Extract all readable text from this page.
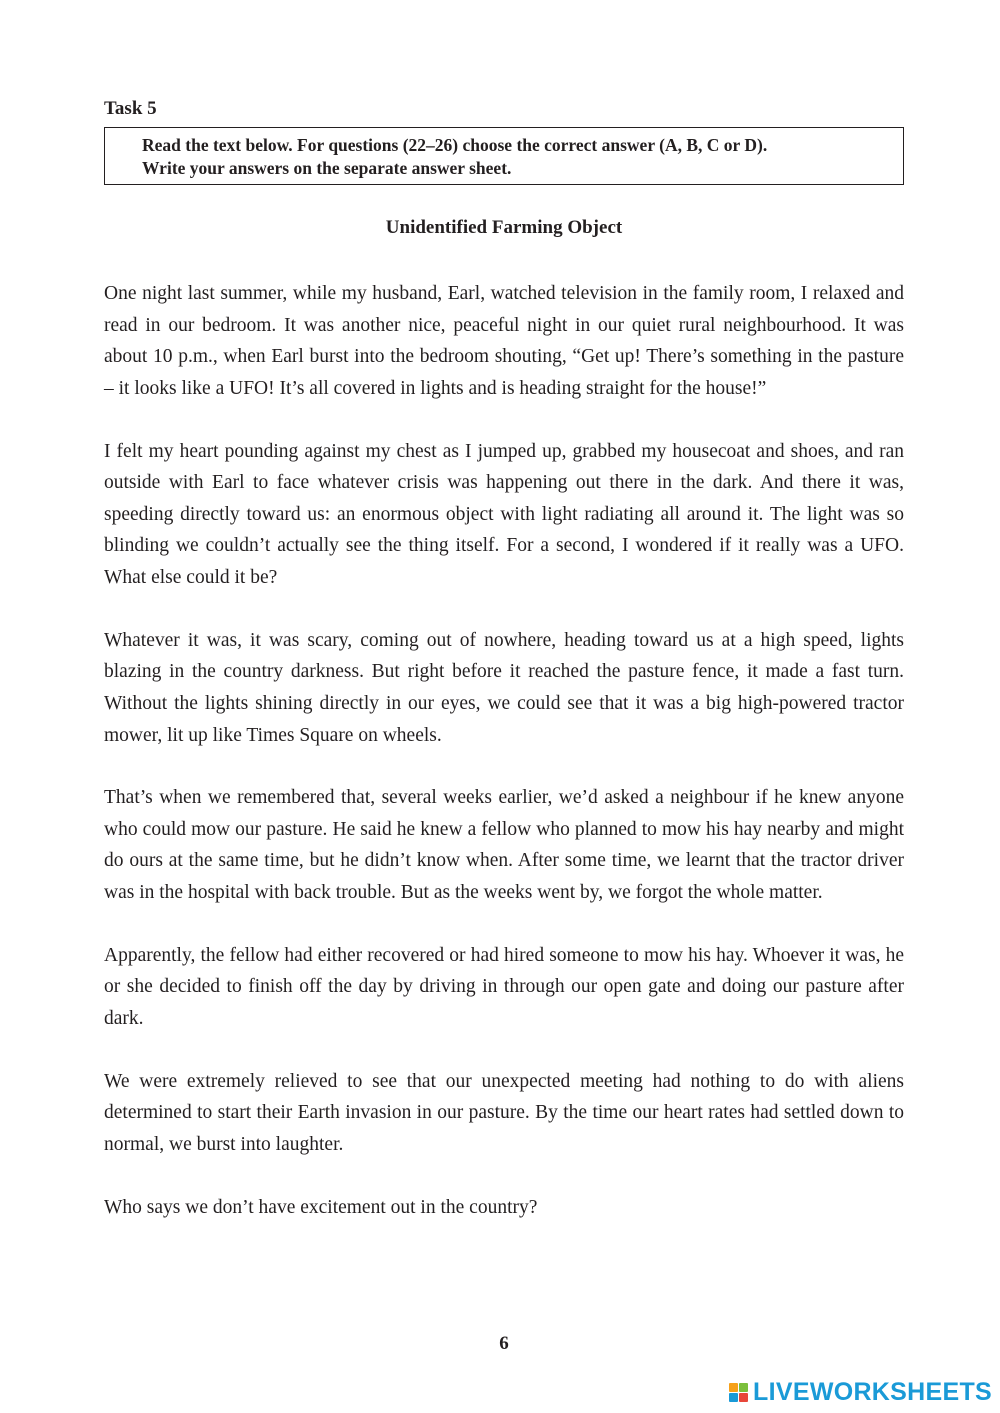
Task 5
Read the text below. For questions (22–26) choose the correct answer (A, B, C or D).
Write your answers on the separate answer sheet.
Unidentified Farming Object

One night last summer, while my husband, Earl, watched television in the family room, I relaxed and read in our bedroom. It was another nice, peaceful night in our quiet rural neighbourhood. It was about 10 p.m., when Earl burst into the bedroom shouting, “Get up! There’s something in the pasture – it looks like a UFO! It’s all covered in lights and is heading straight for the house!”

I felt my heart pounding against my chest as I jumped up, grabbed my housecoat and shoes, and ran outside with Earl to face whatever crisis was happening out there in the dark. And there it was, speeding directly toward us: an enormous object with light radiating all around it. The light was so blinding we couldn’t actually see the thing itself. For a second, I wondered if it really was a UFO. What else could it be?

Whatever it was, it was scary, coming out of nowhere, heading toward us at a high speed, lights blazing in the country darkness. But right before it reached the pasture fence, it made a fast turn. Without the lights shining directly in our eyes, we could see that it was a big high-powered tractor mower, lit up like Times Square on wheels.

That’s when we remembered that, several weeks earlier, we’d asked a neighbour if he knew anyone who could mow our pasture. He said he knew a fellow who planned to mow his hay nearby and might do ours at the same time, but he didn’t know when. After some time, we learnt that the tractor driver was in the hospital with back trouble. But as the weeks went by, we forgot the whole matter.

Apparently, the fellow had either recovered or had hired someone to mow his hay. Whoever it was, he or she decided to finish off the day by driving in through our open gate and doing our pasture after dark.

We were extremely relieved to see that our unexpected meeting had nothing to do with aliens determined to start their Earth invasion in our pasture. By the time our heart rates had settled down to normal, we burst into laughter.

Who says we don’t have excitement out in the country?

6
LIVEWORKSHEETS
